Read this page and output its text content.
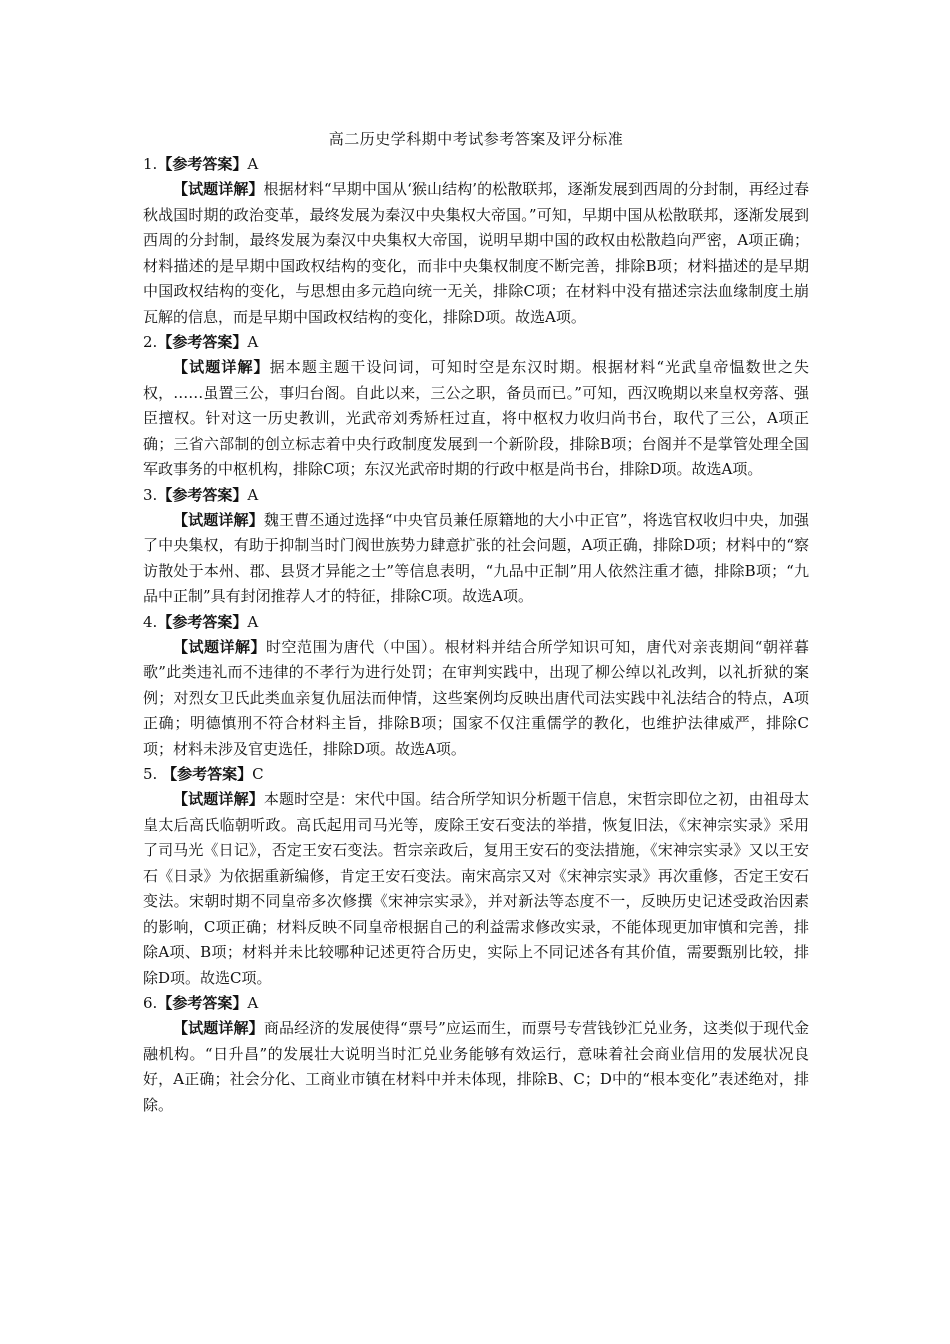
高二历史学科期中考试参考答案及评分标准

1.【参考答案】A

【试题详解】根据材料“早期中国从‘猴山结构’的松散联邦，逐渐发展到西周的分封制，再经过春秋战国时期的政治变革，最终发展为秦汉中央集权大帝国。”可知，早期中国从松散联邦，逐渐发展到西周的分封制，最终发展为秦汉中央集权大帝国，说明早期中国的政权由松散趋向严密，A项正确；材料描述的是早期中国政权结构的变化，而非中央集权制度不断完善，排除B项；材料描述的是早期中国政权结构的变化，与思想由多元趋向统一无关，排除C项；在材料中没有描述宗法血缘制度土崩瓦解的信息，而是早期中国政权结构的变化，排除D项。故选A项。

2.【参考答案】A

【试题详解】据本题主题干设问词，可知时空是东汉时期。根据材料“光武皇帝愠数世之失权，……虽置三公，事归台阁。自此以来，三公之职，备员而已。”可知，西汉晚期以来皇权旁落、强臣擅权。针对这一历史教训，光武帝刘秀矫枉过直，将中枢权力收归尚书台，取代了三公，A项正确；三省六部制的创立标志着中央行政制度发展到一个新阶段，排除B项；台阁并不是掌管处理全国军政事务的中枢机构，排除C项；东汉光武帝时期的行政中枢是尚书台，排除D项。故选A项。

3.【参考答案】A

【试题详解】魏王曹丕通过选择“中央官员兼任原籍地的大小中正官”，将选官权收归中央，加强了中央集权，有助于抑制当时门阀世族势力肆意扩张的社会问题，A项正确，排除D项；材料中的“察访散处于本州、郡、县贤才异能之士”等信息表明，“九品中正制”用人依然注重才德，排除B项；“九品中正制”具有封闭推荐人才的特征，排除C项。故选A项。

4.【参考答案】A

【试题详解】时空范围为唐代（中国）。根材料并结合所学知识可知，唐代对亲丧期间“朝祥暮歌”此类违礼而不违律的不孝行为进行处罚；在审判实践中，出现了柳公绰以礼改判，以礼折狱的案例；对烈女卫氏此类血亲复仇屈法而伸情，这些案例均反映出唐代司法实践中礼法结合的特点，A项正确；明德慎刑不符合材料主旨，排除B项；国家不仅注重儒学的教化，也维护法律威严，排除C项；材料未涉及官吏选任，排除D项。故选A项。

5. 【参考答案】C

【试题详解】本题时空是：宋代中国。结合所学知识分析题干信息，宋哲宗即位之初，由祖母太皇太后高氏临朝听政。高氏起用司马光等，废除王安石变法的举措，恢复旧法，《宋神宗实录》采用了司马光《日记》，否定王安石变法。哲宗亲政后，复用王安石的变法措施，《宋神宗实录》又以王安石《日录》为依据重新编修，肯定王安石变法。南宋高宗又对《宋神宗实录》再次重修，否定王安石变法。宋朝时期不同皇帝多次修撰《宋神宗实录》，并对新法等态度不一，反映历史记述受政治因素的影响，C项正确；材料反映不同皇帝根据自己的利益需求修改实录，不能体现更加审慎和完善，排除A项、B项；材料并未比较哪种记述更符合历史，实际上不同记述各有其价值，需要甄别比较，排除D项。故选C项。

6.【参考答案】A

【试题详解】商品经济的发展使得“票号”应运而生，而票号专营钱钞汇兑业务，这类似于现代金融机构。“日升昌”的发展壮大说明当时汇兑业务能够有效运行，意味着社会商业信用的发展状况良好，A正确；社会分化、工商业市镇在材料中并未体现，排除B、C；D中的“根本变化”表述绝对，排除。
